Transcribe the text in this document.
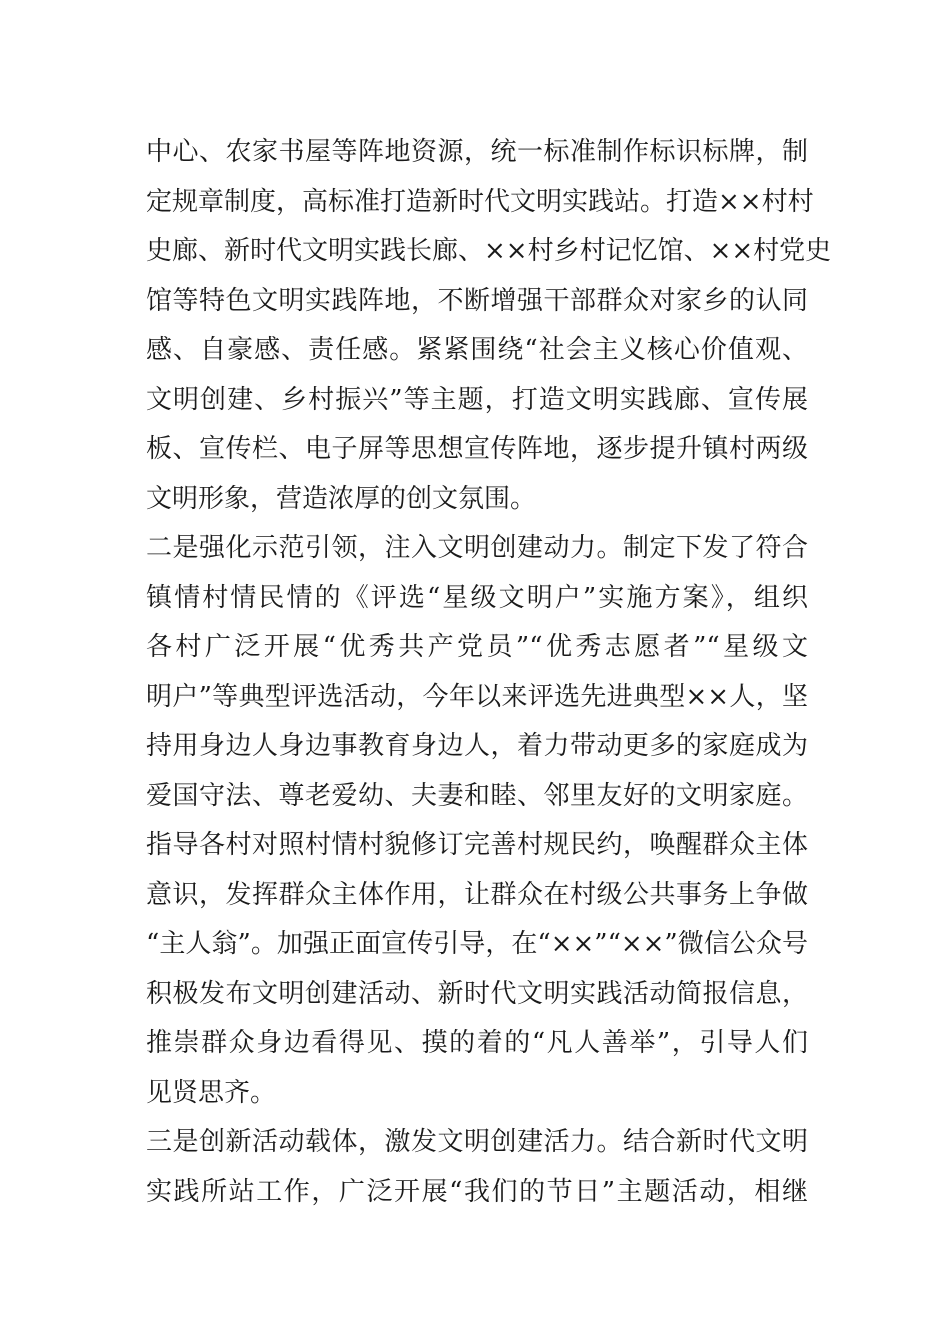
中心、农家书屋等阵地资源，统一标准制作标识标牌，制
定规章制度，高标准打造新时代文明实践站。打造××村村
史廊、新时代文明实践长廊、××村乡村记忆馆、××村党史
馆等特色文明实践阵地，不断增强干部群众对家乡的认同
感、自豪感、责任感。紧紧围绕“社会主义核心价值观、
文明创建、乡村振兴”等主题，打造文明实践廊、宣传展
板、宣传栏、电子屏等思想宣传阵地，逐步提升镇村两级
文明形象，营造浓厚的创文氛围。
二是强化示范引领，注入文明创建动力。制定下发了符合
镇情村情民情的《评选“星级文明户”实施方案》，组织
各村广泛开展“优秀共产党员”“优秀志愿者”“星级文
明户”等典型评选活动，今年以来评选先进典型××人，坚
持用身边人身边事教育身边人，着力带动更多的家庭成为
爱国守法、尊老爱幼、夫妻和睦、邻里友好的文明家庭。
指导各村对照村情村貌修订完善村规民约，唤醒群众主体
意识，发挥群众主体作用，让群众在村级公共事务上争做
“主人翁”。加强正面宣传引导，在“××”“××”微信公众号
积极发布文明创建活动、新时代文明实践活动简报信息，
推崇群众身边看得见、摸的着的“凡人善举”，引导人们
见贤思齐。
三是创新活动载体，激发文明创建活力。结合新时代文明
实践所站工作，广泛开展“我们的节日”主题活动，相继
